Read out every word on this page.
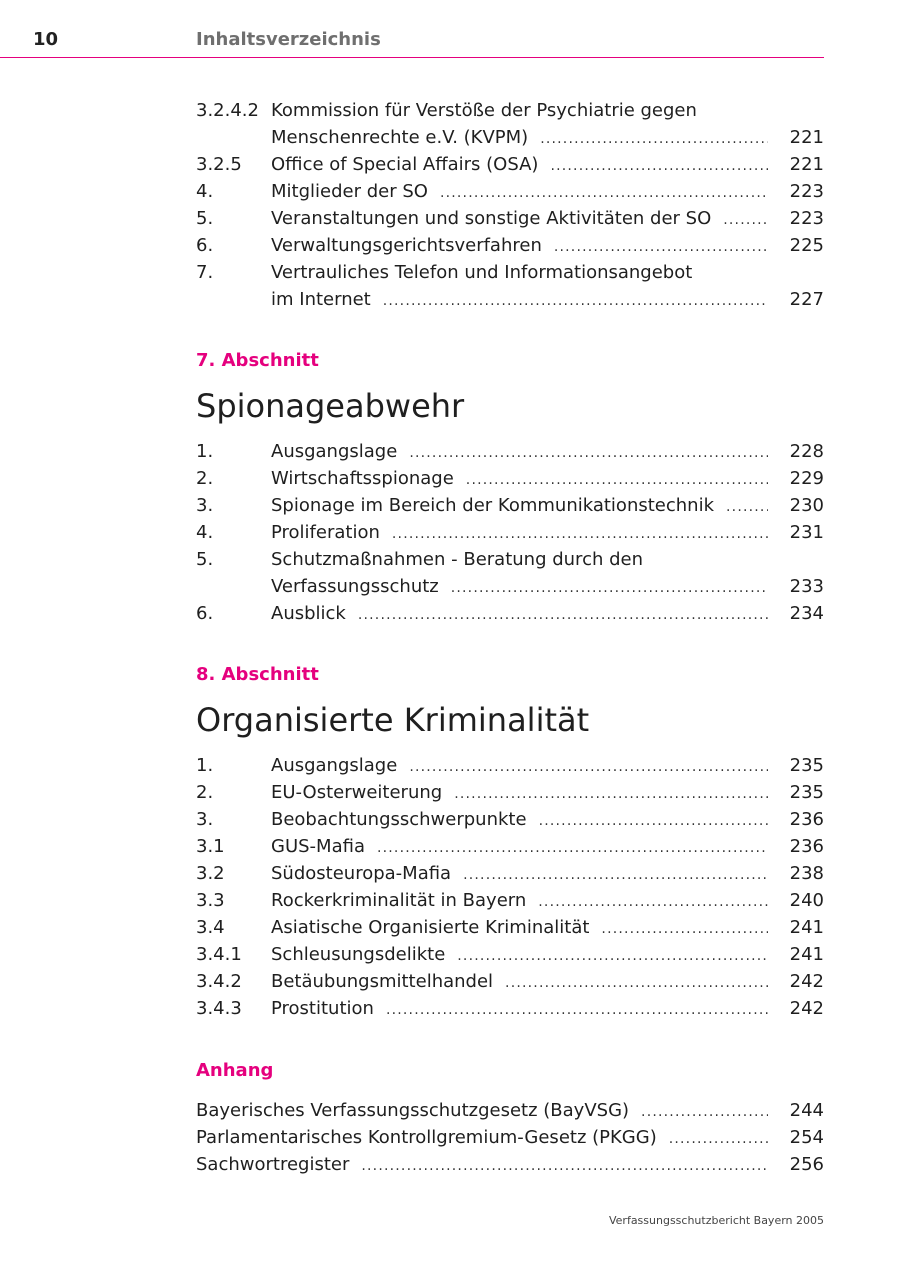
10	Inhaltsverzeichnis
3.2.4.2 Kommission für Verstöße der Psychiatrie gegen
Menschenrechte e.V. (KVPM) .....	221
3.2.5 Office of Special Affairs (OSA) .....	221
4.	Mitglieder der SO .....	223
5.	Veranstaltungen und sonstige Aktivitäten der SO .....	223
6.	Verwaltungsgerichtsverfahren .....	225
7.	Vertrauliches Telefon und Informationsangebot
im Internet .....	227
7. Abschnitt
Spionageabwehr
1.	Ausgangslage .....	228
2.	Wirtschaftsspionage .....	229
3.	Spionage im Bereich der Kommunikationstechnik .....	230
4.	Proliferation .....	231
5.	Schutzmaßnahmen - Beratung durch den
Verfassungsschutz .....	233
6.	Ausblick .....	234
8. Abschnitt
Organisierte Kriminalität
1.	Ausgangslage .....	235
2.	EU-Osterweiterung .....	235
3.	Beobachtungsschwerpunkte .....	236
3.1	GUS-Mafia .....	236
3.2	Südosteuropa-Mafia .....	238
3.3	Rockerkriminalität in Bayern .....	240
3.4	Asiatische Organisierte Kriminalität .....	241
3.4.1 Schleusungsdelikte .....	241
3.4.2 Betäubungsmittelhandel .....	242
3.4.3 Prostitution .....	242
Anhang
Bayerisches Verfassungsschutzgesetz (BayVSG) .....	244
Parlamentarisches Kontrollgremium-Gesetz (PKGG) .....	254
Sachwortregister .....	256
Verfassungsschutzbericht Bayern 2005
